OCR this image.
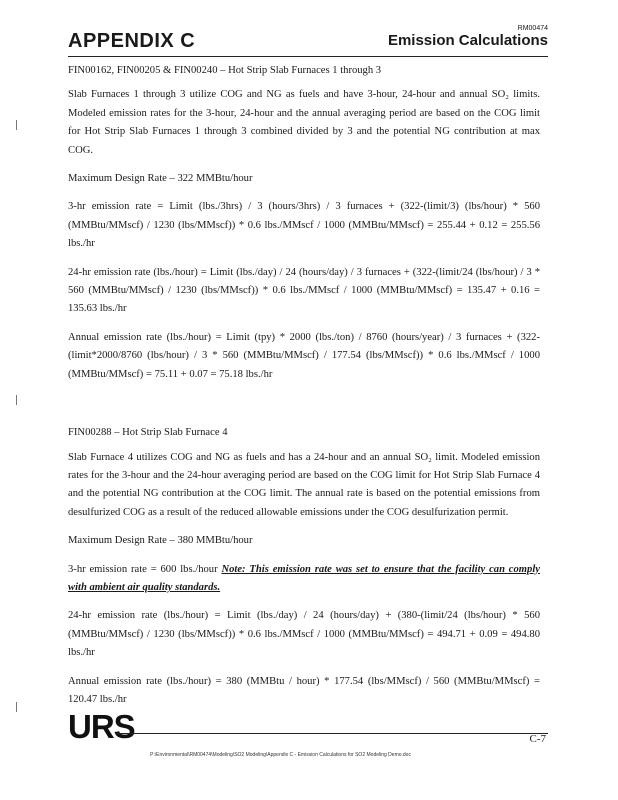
APPENDIX C
RM00474
Emission Calculations

FIN00162, FIN00205 & FIN00240 – Hot Strip Slab Furnaces 1 through 3

Slab Furnaces 1 through 3 utilize COG and NG as fuels and have 3-hour, 24-hour and annual SO₂ limits. Modeled emission rates for the 3-hour, 24-hour and the annual averaging period are based on the COG limit for Hot Strip Slab Furnaces 1 through 3 combined divided by 3 and the potential NG contribution at max COG.

Maximum Design Rate – 322 MMBtu/hour

3-hr emission rate = Limit (lbs./3hrs) / 3 (hours/3hrs) / 3 furnaces + (322-(limit/3) (lbs/hour) * 560 (MMBtu/MMscf) / 1230 (lbs/MMscf)) * 0.6 lbs./MMscf / 1000 (MMBtu/MMscf) = 255.44 + 0.12 = 255.56 lbs./hr

24-hr emission rate (lbs./hour) = Limit (lbs./day) / 24 (hours/day) / 3 furnaces + (322-(limit/24 (lbs/hour) / 3 * 560 (MMBtu/MMscf) / 1230 (lbs/MMscf)) * 0.6 lbs./MMscf / 1000 (MMBtu/MMscf) = 135.47 + 0.16 = 135.63 lbs./hr

Annual emission rate (lbs./hour) = Limit (tpy) * 2000 (lbs./ton) / 8760 (hours/year) / 3 furnaces + (322-(limit*2000/8760 (lbs/hour) / 3 * 560 (MMBtu/MMscf) / 177.54 (lbs/MMscf)) * 0.6 lbs./MMscf / 1000 (MMBtu/MMscf) = 75.11 + 0.07 = 75.18 lbs./hr

FIN00288 – Hot Strip Slab Furnace 4

Slab Furnace 4 utilizes COG and NG as fuels and has a 24-hour and an annual SO₂ limit. Modeled emission rates for the 3-hour and the 24-hour averaging period are based on the COG limit for Hot Strip Slab Furnace 4 and the potential NG contribution at the COG limit. The annual rate is based on the potential emissions from desulfurized COG as a result of the reduced allowable emissions under the COG desulfurization permit.

Maximum Design Rate – 380 MMBtu/hour

3-hr emission rate = 600 lbs./hour Note: This emission rate was set to ensure that the facility can comply with ambient air quality standards.

24-hr emission rate (lbs./hour) = Limit (lbs./day) / 24 (hours/day) + (380-(limit/24 (lbs/hour) * 560 (MMBtu/MMscf) / 1230 (lbs/MMscf)) * 0.6 lbs./MMscf / 1000 (MMBtu/MMscf) = 494.71 + 0.09 = 494.80 lbs./hr

Annual emission rate (lbs./hour) = 380 (MMBtu / hour) * 177.54 (lbs/MMscf) / 560 (MMBtu/MMscf) = 120.47 lbs./hr

URS	C-7
P:\Environmental\RM00474\Modeling\SO2 Modeling\Appendix C - Emission Calculations for SO2 Modeling Demo.doc
